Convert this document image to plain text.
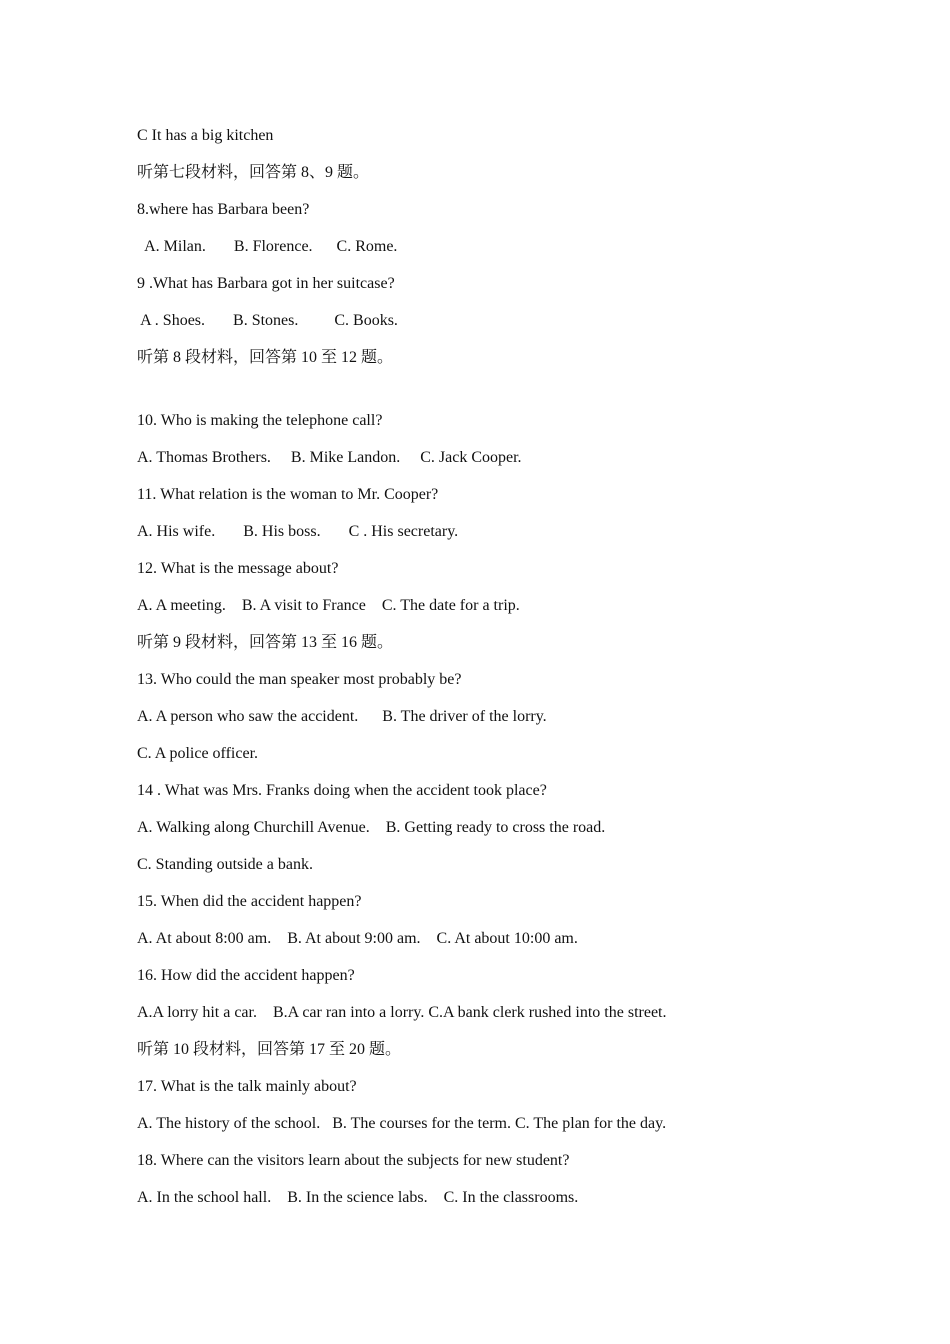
C It has a big kitchen
听第七段材料，回答第 8、9 题。
8.where has Barbara been?
A. Milan.       B. Florence.      C. Rome.
9 .What has Barbara got in her suitcase?
A . Shoes.       B. Stones.         C. Books.
听第 8 段材料，回答第 10 至 12 题。
10. Who is making the telephone call?
A. Thomas Brothers.     B. Mike Landon.     C. Jack Cooper.
11. What relation is the woman to Mr. Cooper?
A. His wife.       B. His boss.       C . His secretary.
12. What is the message about?
A. A meeting.    B. A visit to France    C. The date for a trip.
听第 9 段材料，回答第 13 至 16 题。
13. Who could the man speaker most probably be?
A. A person who saw the accident.      B. The driver of the lorry.
C. A police officer.
14 . What was Mrs. Franks doing when the accident took place?
A. Walking along Churchill Avenue.    B. Getting ready to cross the road.
C. Standing outside a bank.
15. When did the accident happen?
A. At about 8:00 am.    B. At about 9:00 am.    C. At about 10:00 am.
16. How did the accident happen?
A.A lorry hit a car.    B.A car ran into a lorry. C.A bank clerk rushed into the street.
听第 10 段材料，回答第 17 至 20 题。
17. What is the talk mainly about?
A. The history of the school.   B. The courses for the term. C. The plan for the day.
18. Where can the visitors learn about the subjects for new student?
A. In the school hall.    B. In the science labs.    C. In the classrooms.
